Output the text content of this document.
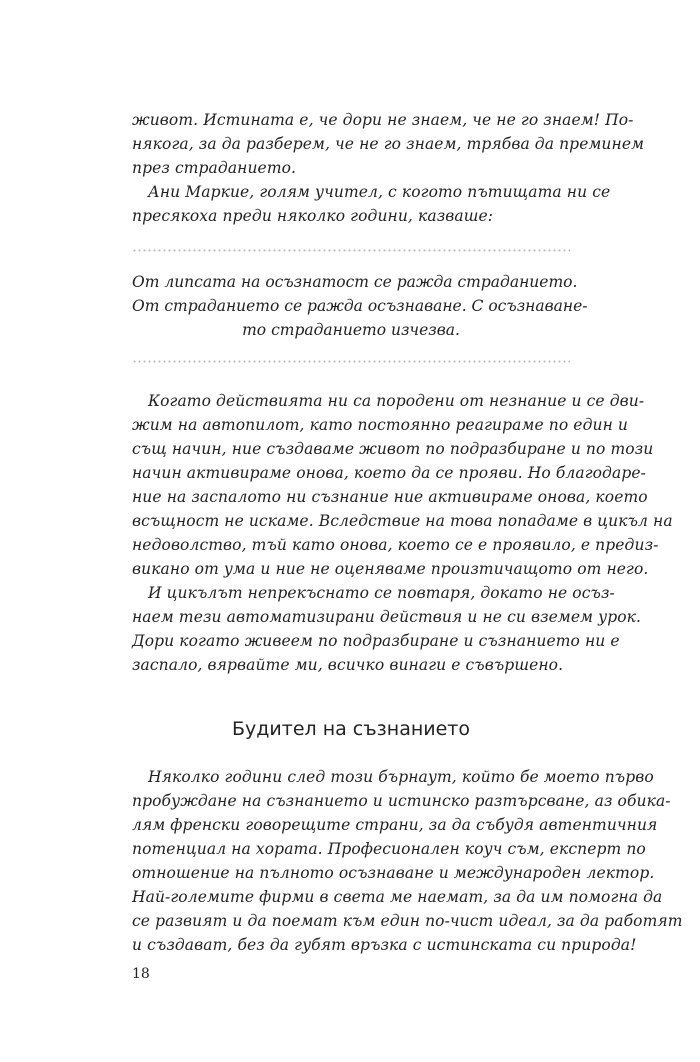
живот. Истината е, че дори не знаем, че не го знаем! По-
някога, за да разберем, че не го знаем, трябва да преминем
през страданието.
Ани Маркие, голям учител, с когото пътищата ни се
пресякоха преди няколко години, казваше:
От липсата на осъзнатост се ражда страданието.
От страданието се ражда осъзнаване. С осъзнаване-
то страданието изчезва.
Когато действията ни са породени от незнание и се дви-
жим на автопилот, като постоянно реагираме по един и
същ начин, ние създаваме живот по подразбиране и по този
начин активираме онова, което да се прояви. Но благодаре-
ние на заспалото ни съзнание ние активираме онова, което
всъщност не искаме. Вследствие на това попадаме в цикъл на
недоволство, тъй като онова, което се е проявило, е предиз-
викано от ума и ние не оценяваме произтичащото от него.
И цикълът непрекъснато се повтаря, докато не осъз-
наем тези автоматизирани действия и не си вземем урок.
Дори когато живеем по подразбиране и съзнанието ни е
заспало, вярвайте ми, всичко винаги е съвършено.
Будител на съзнанието
Няколко години след този бърнаут, който бе моето първо
пробуждане на съзнанието и истинско разтърсване, аз обика-
лям френски говорещите страни, за да събудя автентичния
потенциал на хората. Професионален коуч съм, експерт по
отношение на пълното осъзнаване и международен лектор.
Най-големите фирми в света ме наемат, за да им помогна да
се развият и да поемат към един по-чист идеал, за да работят
и създават, без да губят връзка с истинската си природа!
18
